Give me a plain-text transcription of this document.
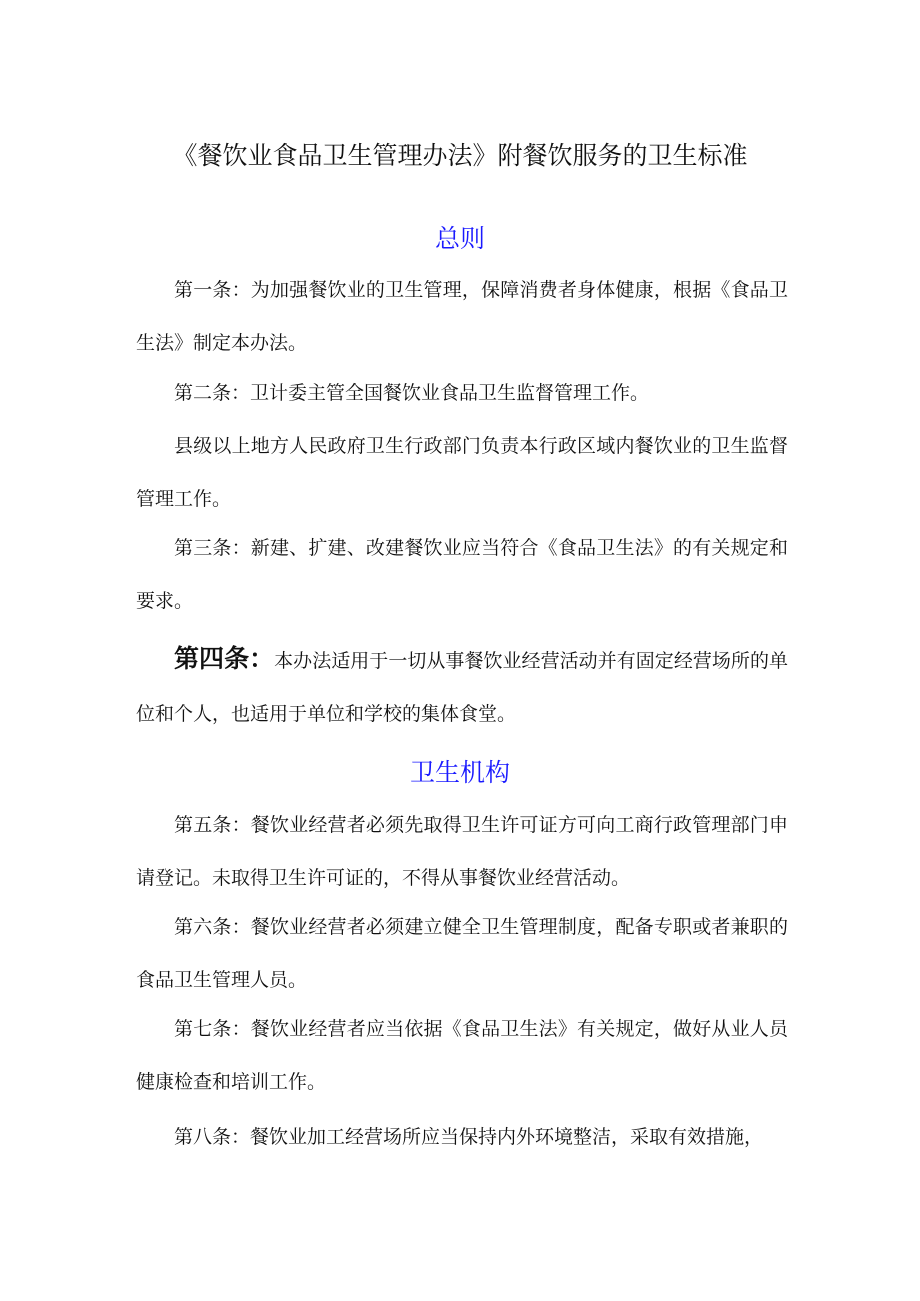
《餐饮业食品卫生管理办法》附餐饮服务的卫生标准
总则

第一条：为加强餐饮业的卫生管理，保障消费者身体健康，根据《食品卫生法》制定本办法。

第二条：卫计委主管全国餐饮业食品卫生监督管理工作。

县级以上地方人民政府卫生行政部门负责本行政区域内餐饮业的卫生监督管理工作。

第三条：新建、扩建、改建餐饮业应当符合《食品卫生法》的有关规定和要求。

第四条：本办法适用于一切从事餐饮业经营活动并有固定经营场所的单位和个人，也适用于单位和学校的集体食堂。

卫生机构

第五条：餐饮业经营者必须先取得卫生许可证方可向工商行政管理部门申请登记。未取得卫生许可证的，不得从事餐饮业经营活动。

第六条：餐饮业经营者必须建立健全卫生管理制度，配备专职或者兼职的食品卫生管理人员。

第七条：餐饮业经营者应当依据《食品卫生法》有关规定，做好从业人员健康检查和培训工作。

第八条：餐饮业加工经营场所应当保持内外环境整洁，采取有效措施，
